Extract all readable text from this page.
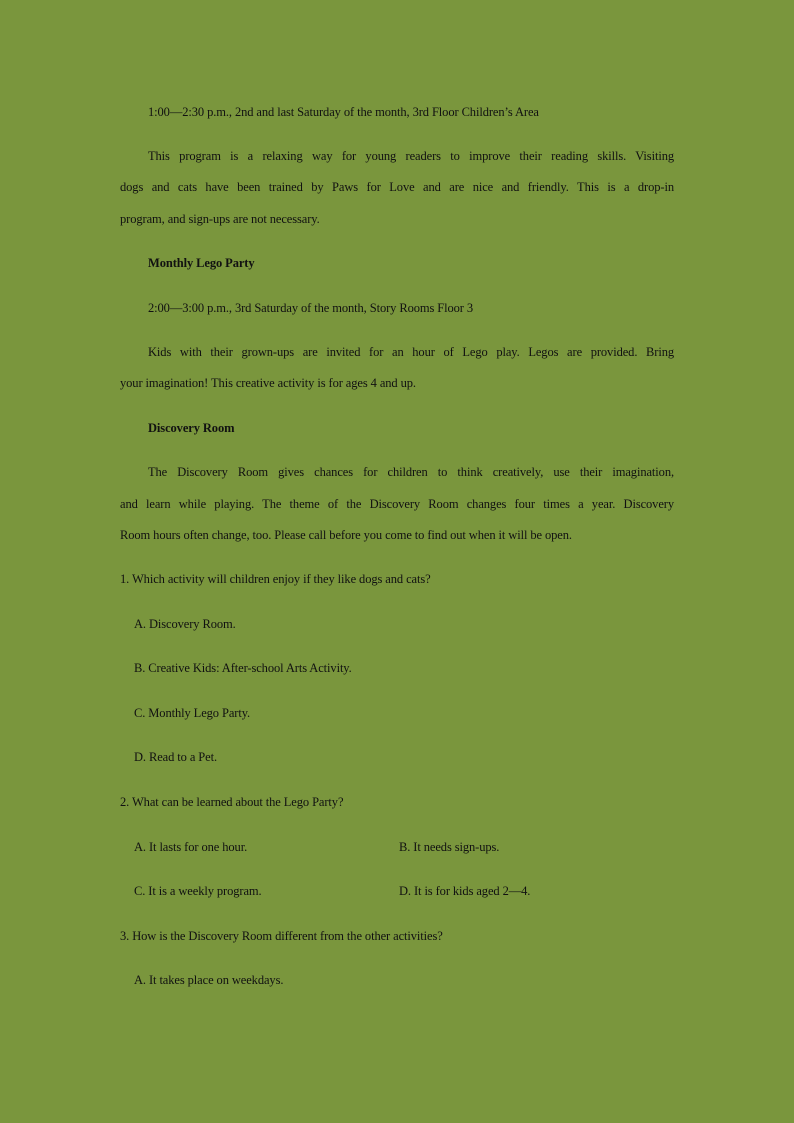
1:00—2:30 p.m., 2nd and last Saturday of the month, 3rd Floor Children’s Area
This program is a relaxing way for young readers to improve their reading skills. Visiting
dogs and cats have been trained by Paws for Love and are nice and friendly. This is a drop-in
program, and sign-ups are not necessary.
Monthly Lego Party
2:00—3:00 p.m., 3rd Saturday of the month, Story Rooms Floor 3
Kids with their grown-ups are invited for an hour of Lego play. Legos are provided. Bring
your imagination! This creative activity is for ages 4 and up.
Discovery Room
The Discovery Room gives chances for children to think creatively, use their imagination,
and learn while playing. The theme of the Discovery Room changes four times a year. Discovery
Room hours often change, too. Please call before you come to find out when it will be open.
1. Which activity will children enjoy if they like dogs and cats?
A. Discovery Room.
B. Creative Kids: After-school Arts Activity.
C. Monthly Lego Party.
D. Read to a Pet.
2. What can be learned about the Lego Party?
A. It lasts for one hour.	B. It needs sign-ups.
C. It is a weekly program.	D. It is for kids aged 2—4.
3. How is the Discovery Room different from the other activities?
A. It takes place on weekdays.
